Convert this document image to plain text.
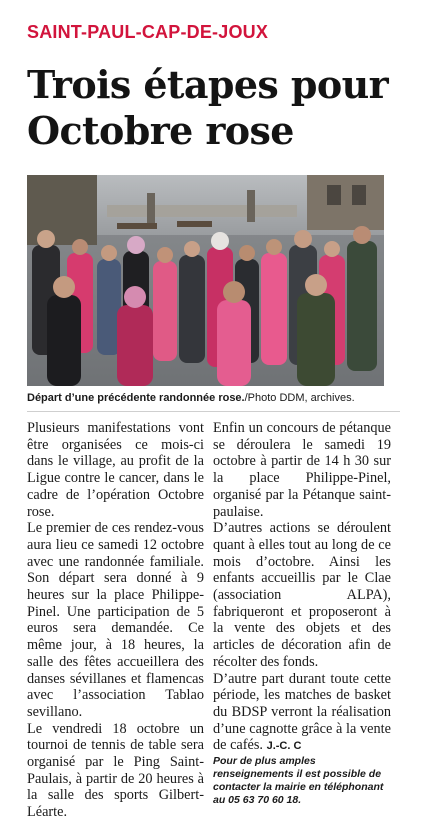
SAINT-PAUL-CAP-DE-JOUX
Trois étapes pour Octobre rose
Départ d’une précédente randonnée rose./Photo DDM, archives.

Plusieurs manifestations vont être organisées ce mois-ci dans le village, au profit de la Ligue contre le cancer, dans le cadre de l’opération Octobre rose.

Le premier de ces rendez-vous aura lieu ce samedi 12 octobre avec une randonnée familiale. Son départ sera donné à 9 heures sur la place Philippe-Pinel. Une participation de 5 euros sera demandée. Ce même jour, à 18 heures, la salle des fêtes accueillera des danses sévillanes et flamencas avec l’association Tablao sevillano.

Le vendredi 18 octobre un tournoi de tennis de table sera organisé par le Ping Saint-Paulais, à partir de 20 heures à la salle des sports Gilbert-Léarte.

Enfin un concours de pétanque se déroulera le samedi 19 octobre à partir de 14 h 30 sur la place Philippe-Pinel, organisé par la Pétanque saint-paulaise.

D’autres actions se déroulent quant à elles tout au long de ce mois d’octobre. Ainsi les enfants accueillis par le Clae (association ALPA), fabriqueront et proposeront à la vente des objets et des articles de décoration afin de récolter des fonds.

D’autre part durant toute cette période, les matches de basket du BDSP verront la réalisation d’une cagnotte grâce à la vente de cafés. J.-C. C

Pour de plus amples renseignements il est possible de contacter la mairie en téléphonant au 05 63 70 60 18.
